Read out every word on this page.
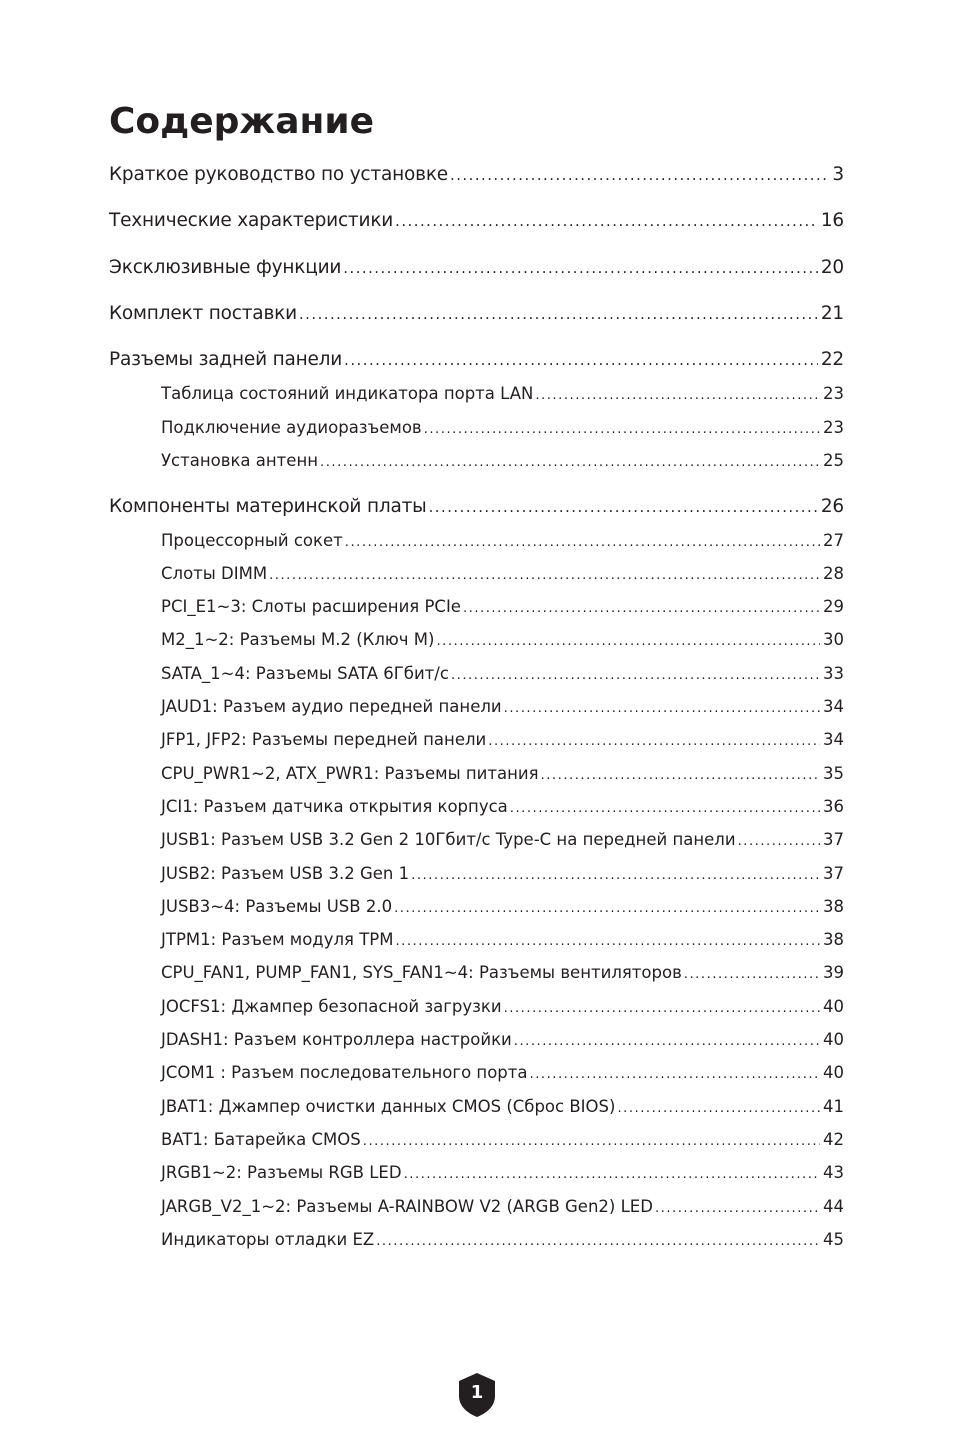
Содержание
Краткое руководство по установке .....	3
Технические характеристики .....	16
Эксклюзивные функции .....	20
Комплект поставки .....	21
Разъемы задней панели .....	22
Таблица состояний индикатора порта LAN .....	23
Подключение аудиоразъемов .....	23
Установка антенн .....	25
Компоненты материнской платы .....	26
Процессорный сокет .....	27
Слоты DIMM .....	28
PCI_E1~3: Слоты расширения PCIe .....	29
M2_1~2: Разъемы M.2 (Ключ M) .....	30
SATA_1~4: Разъемы SATA 6Гбит/с .....	33
JAUD1: Разъем аудио передней панели .....	34
JFP1, JFP2: Разъемы передней панели .....	34
CPU_PWR1~2, ATX_PWR1: Разъемы питания .....	35
JCI1: Разъем датчика открытия корпуса .....	36
JUSB1: Разъем USB 3.2 Gen 2 10Гбит/с Type-C на передней панели .....	37
JUSB2: Разъем USB 3.2 Gen 1 .....	37
JUSB3~4: Разъемы USB 2.0 .....	38
JTPM1: Разъем модуля TPM .....	38
CPU_FAN1, PUMP_FAN1, SYS_FAN1~4: Разъемы вентиляторов .....	39
JOCFS1: Джампер безопасной загрузки .....	40
JDASH1: Разъем контроллера настройки .....	40
JCOM1 : Разъем последовательного порта .....	40
JBAT1: Джампер очистки данных CMOS (Сброс BIOS) .....	41
BAT1: Батарейка CMOS .....	42
JRGB1~2: Разъемы RGB LED .....	43
JARGB_V2_1~2: Разъемы A-RAINBOW V2 (ARGB Gen2) LED .....	44
Индикаторы отладки EZ .....	45
1
